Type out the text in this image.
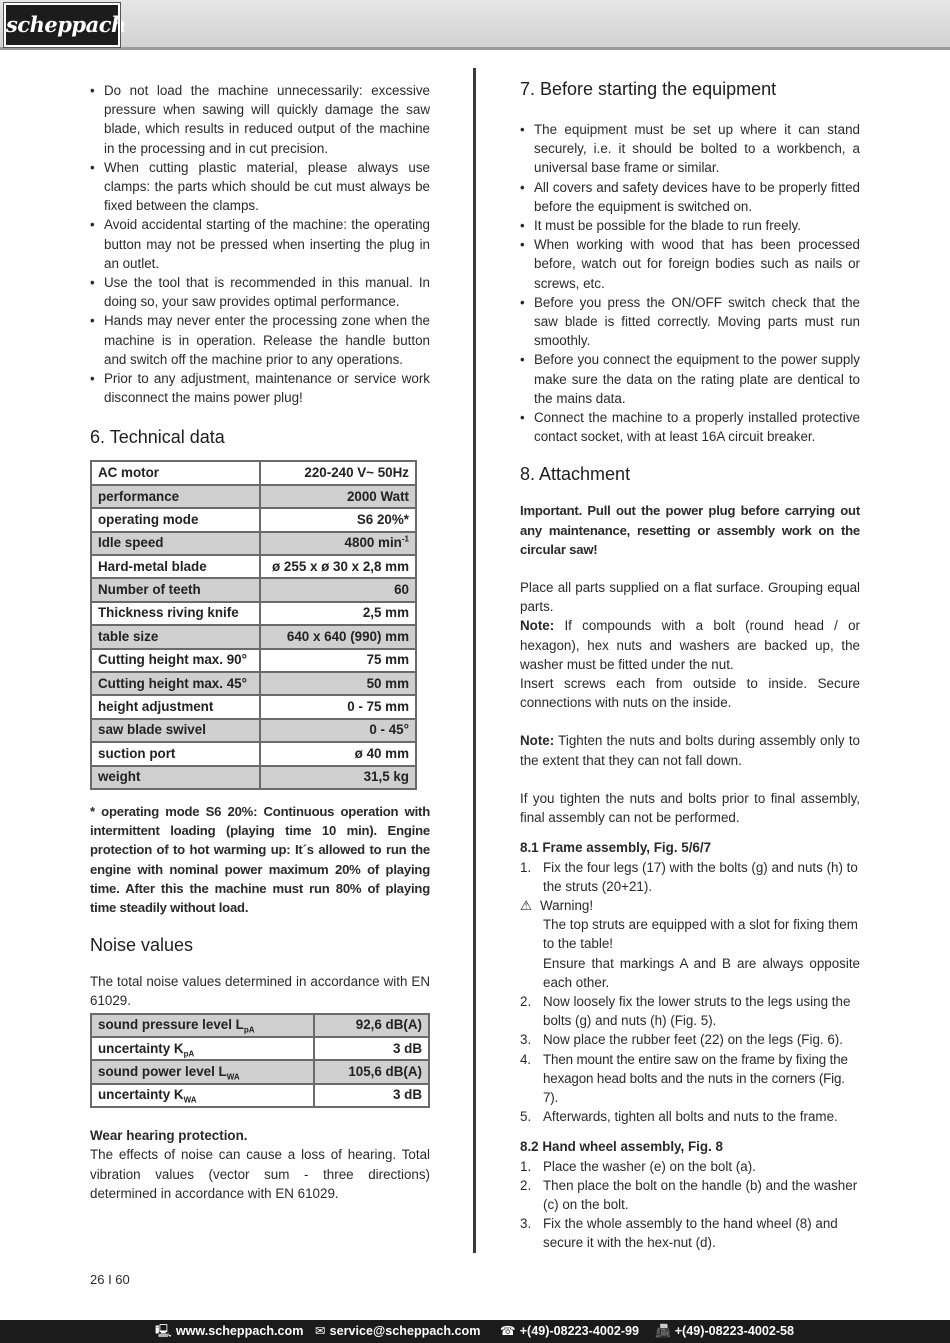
scheppach
• Do not load the machine unnecessarily: excessive pressure when sawing will quickly damage the saw blade, which results in reduced output of the machine in the processing and in cut precision.
• When cutting plastic material, please always use clamps: the parts which should be cut must always be fixed between the clamps.
• Avoid accidental starting of the machine: the operating button may not be pressed when inserting the plug in an outlet.
• Use the tool that is recommended in this manual. In doing so, your saw provides optimal performance.
• Hands may never enter the processing zone when the machine is in operation. Release the handle button and switch off the machine prior to any operations.
• Prior to any adjustment, maintenance or service work disconnect the mains power plug!
6. Technical data
AC motor	220-240 V~ 50Hz
performance	2000 Watt
operating mode	S6 20%*
Idle speed	4800 $\min^{-1}$
Hard-metal blade	ø 255 x ø 30 x 2,8 mm
Number of teeth	60
Thickness riving knife	2,5 mm
table size	640 x 640 (990) mm
Cutting height max. 90°	75 mm
Cutting height max. 45°	50 mm
height adjustment	0 - 75 mm
saw blade swivel	0 - 45°
suction port	ø 40 mm
weight	31,5 kg

* operating mode S6 20%: Continuous operation with intermittent loading (playing time 10 min). Engine protection of to hot warming up: It´s allowed to run the engine with nominal power maximum 20% of playing time. After this the machine must run 80% of playing time steadily without load.

Noise values

The total noise values determined in accordance with EN 61029.

sound pressure level $L_{pA}$	92,6 dB(A)
uncertainty $K_{pA}$	3 dB
sound power level $L_{WA}$	105,6 dB(A)
uncertainty $K_{WA}$	3 dB

Wear hearing protection.

The effects of noise can cause a loss of hearing. Total vibration values (vector sum - three directions) determined in accordance with EN 61029.

7. Before starting the equipment
• The equipment must be set up where it can stand securely, i.e. it should be bolted to a workbench, a universal base frame or similar.
• All covers and safety devices have to be properly fitted before the equipment is switched on.
• It must be possible for the blade to run freely.
• When working with wood that has been processed before, watch out for foreign bodies such as nails or screws, etc.
• Before you press the ON/OFF switch check that the saw blade is fitted correctly. Moving parts must run smoothly.
• Before you connect the equipment to the power supply make sure the data on the rating plate are dentical to the mains data.
• Connect the machine to a properly installed protective contact socket, with at least 16A circuit breaker.
8. Attachment

Important. Pull out the power plug before carrying out any maintenance, resetting or assembly work on the circular saw!

Place all parts supplied on a flat surface. Grouping equal parts.

Note: If compounds with a bolt (round head / or hexagon), hex nuts and washers are backed up, the washer must be fitted under the nut.

Insert screws each from outside to inside. Secure connections with nuts on the inside.

Note: Tighten the nuts and bolts during assembly only to the extent that they can not fall down.

If you tighten the nuts and bolts prior to final assembly, final assembly can not be performed.

8.1 Frame assembly, Fig. 5/6/7

1. Fix the four legs (17) with the bolts (g) and nuts (h) to the struts (20+21).
⚠ Warning!

The top struts are equipped with a slot for fixing them to the table!

Ensure that markings A and B are always opposite each other.

2. Now loosely fix the lower struts to the legs using the bolts (g) and nuts (h) (Fig. 5).
3. Now place the rubber feet (22) on the legs (Fig. 6).
4. Then mount the entire saw on the frame by fixing the hexagon head bolts and the nuts in the corners (Fig. 7).
5. Afterwards, tighten all bolts and nuts to the frame.

8.2 Hand wheel assembly, Fig. 8

1. Place the washer (e) on the bolt (a).
2. Then place the bolt on the handle (b) and the washer (c) on the bolt.
3. Fix the whole assembly to the hand wheel (8) and secure it with the hex-nut (d).
26 I 60
🖳 www.scheppach.com ✉ service@scheppach.com ☎ +(49)-08223-4002-99 📠 +(49)-08223-4002-58
